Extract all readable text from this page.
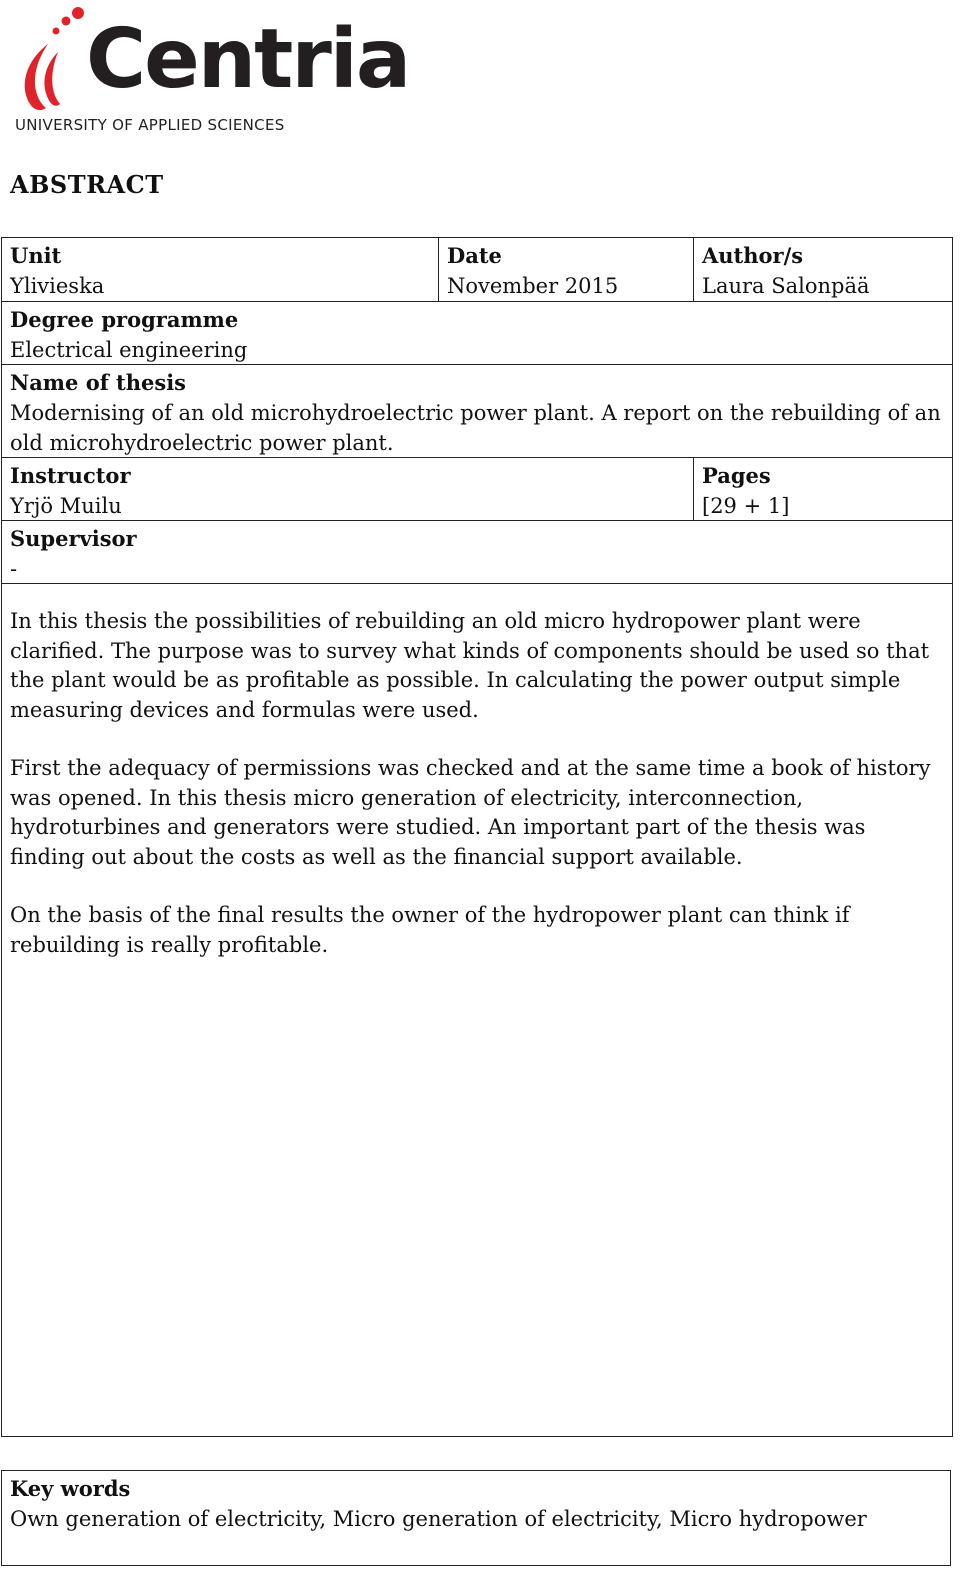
Centria
UNIVERSITY OF APPLIED SCIENCES
ABSTRACT
Unit
Ylivieska
Date
November 2015
Author/s
Laura Salonpää
Degree programme
Electrical engineering
Name of thesis
Modernising of an old microhydroelectric power plant. A report on the rebuilding of an old microhydroelectric power plant.
Instructor
Yrjö Muilu
Pages
[29 + 1]
Supervisor
-

In this thesis the possibilities of rebuilding an old micro hydropower plant were clarified. The purpose was to survey what kinds of components should be used so that the plant would be as profitable as possible. In calculating the power output simple measuring devices and formulas were used.

First the adequacy of permissions was checked and at the same time a book of history was opened. In this thesis micro generation of electricity, interconnection, hydroturbines and generators were studied. An important part of the thesis was finding out about the costs as well as the financial support available.

On the basis of the final results the owner of the hydropower plant can think if rebuilding is really profitable.

Key words
Own generation of electricity, Micro generation of electricity, Micro hydropower
